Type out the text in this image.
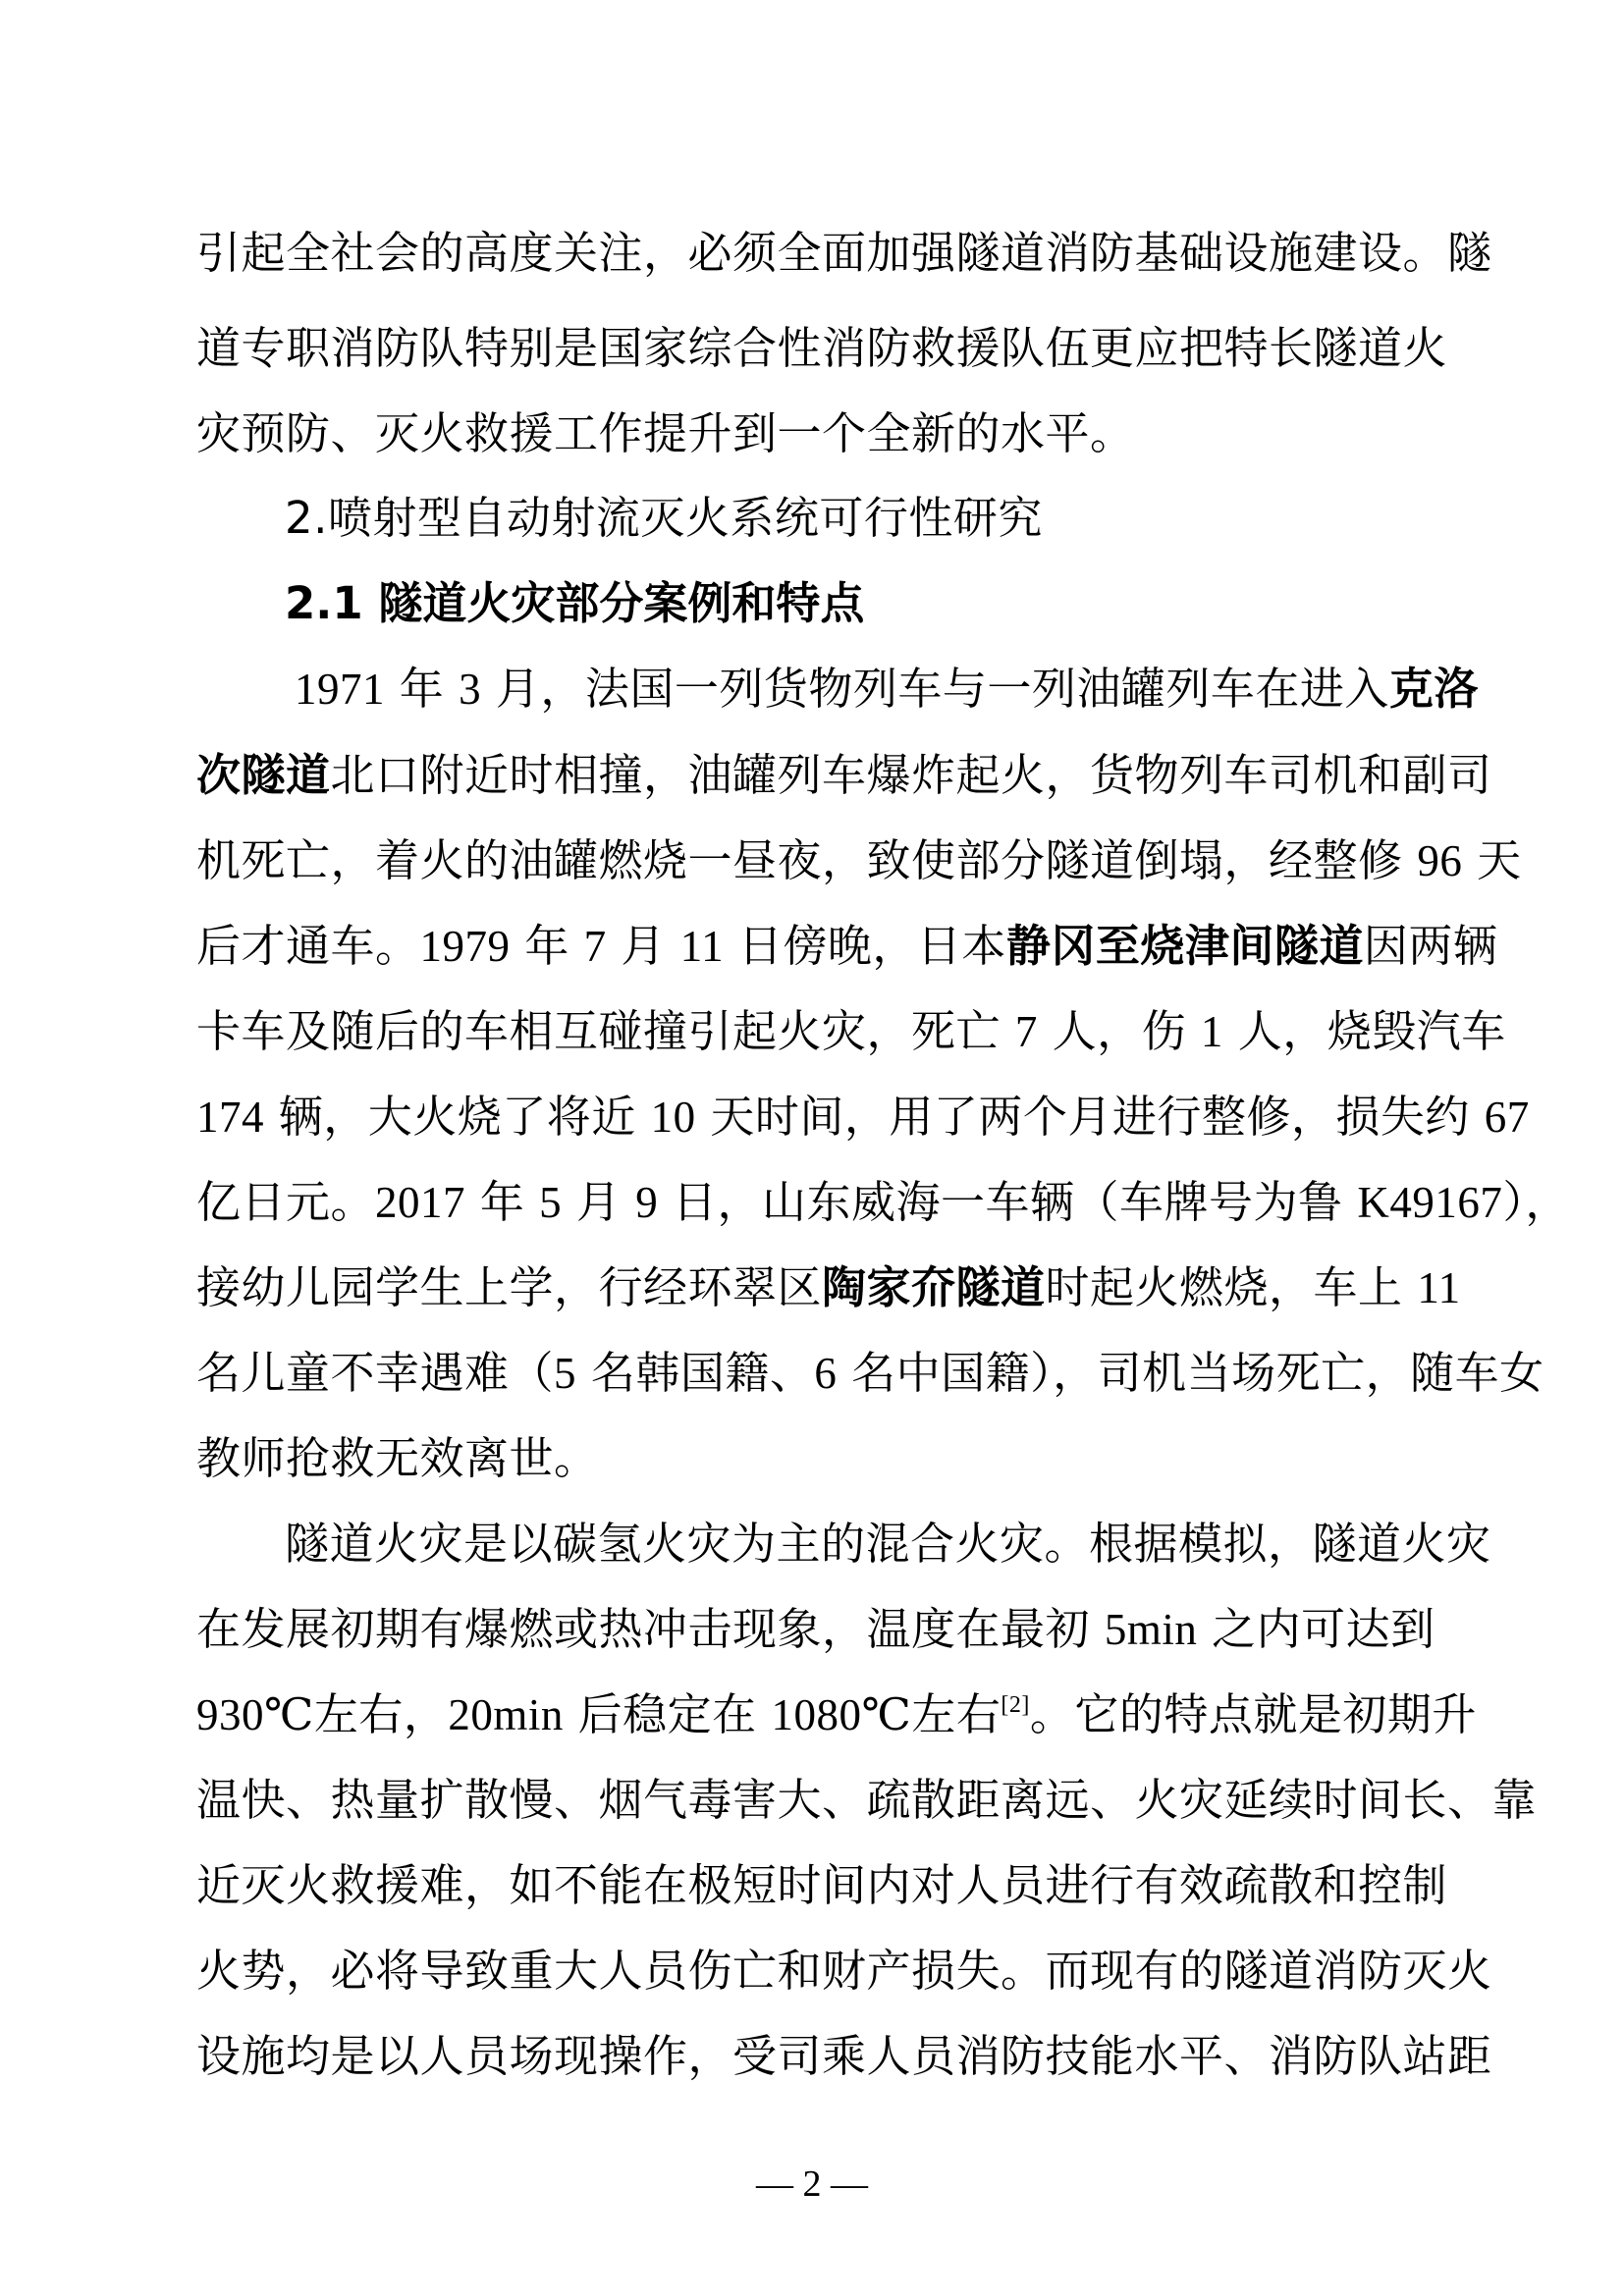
引起全社会的高度关注，必须全面加强隧道消防基础设施建设。隧
道专职消防队特别是国家综合性消防救援队伍更应把特长隧道火
灾预防、灭火救援工作提升到一个全新的水平。
2.喷射型自动射流灭火系统可行性研究
2.1 隧道火灾部分案例和特点
1971 年 3 月，法国一列货物列车与一列油罐列车在进入克洛
次隧道北口附近时相撞，油罐列车爆炸起火，货物列车司机和副司
机死亡，着火的油罐燃烧一昼夜，致使部分隧道倒塌，经整修 96 天
后才通车。1979 年 7 月 11 日傍晚，日本静冈至烧津间隧道因两辆
卡车及随后的车相互碰撞引起火灾，死亡 7 人，伤 1 人，烧毁汽车
174 辆，大火烧了将近 10 天时间，用了两个月进行整修，损失约 67
亿日元。2017 年 5 月 9 日，山东威海一车辆（车牌号为鲁 K49167），
接幼儿园学生上学，行经环翠区陶家夼隧道时起火燃烧，车上 11
名儿童不幸遇难（5 名韩国籍、6 名中国籍），司机当场死亡，随车女
教师抢救无效离世。
隧道火灾是以碳氢火灾为主的混合火灾。根据模拟，隧道火灾
在发展初期有爆燃或热冲击现象，温度在最初 5min 之内可达到
930℃左右，20min 后稳定在 1080℃左右[2]。它的特点就是初期升
温快、热量扩散慢、烟气毒害大、疏散距离远、火灾延续时间长、靠
近灭火救援难，如不能在极短时间内对人员进行有效疏散和控制
火势，必将导致重大人员伤亡和财产损失。而现有的隧道消防灭火
设施均是以人员场现操作，受司乘人员消防技能水平、消防队站距
— 2 —
